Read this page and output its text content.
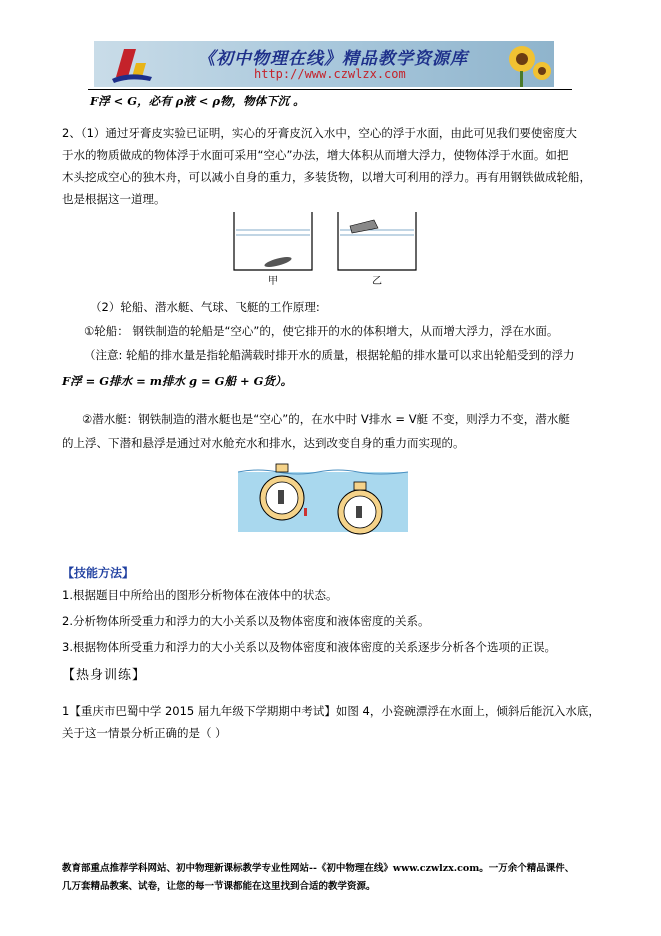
《初中物理在线》精品教学资源库
http://www.czwlzx.com
F浮 < G，必有 ρ液 < ρ物，物体下沉 。
2、（1）通过牙膏皮实验已证明，实心的牙膏皮沉入水中，空心的浮于水面，由此可见我们要使密度大
于水的物质做成的物体浮于水面可采用“空心”办法，增大体积从而增大浮力，使物体浮于水面。如把
木头挖成空心的独木舟，可以减小自身的重力，多装货物，以增大可利用的浮力。再有用钢铁做成轮船，
也是根据这一道理。
甲	乙
（2）轮船、潜水艇、气球、飞艇的工作原理:
①轮船： 钢铁制造的轮船是“空心”的，使它排开的水的体积增大，从而增大浮力，浮在水面。
（注意: 轮船的排水量是指轮船满载时排开水的质量，根据轮船的排水量可以求出轮船受到的浮力
F浮 = G排水 = m排水 g = G船 + G货）。
②潜水艇：钢铁制造的潜水艇也是“空心”的，在水中时 V排水 = V艇 不变，则浮力不变，潜水艇
的上浮、下潜和悬浮是通过对水舱充水和排水，达到改变自身的重力而实现的。
【技能方法】
1.根据题目中所给出的图形分析物体在液体中的状态。
2.分析物体所受重力和浮力的大小关系以及物体密度和液体密度的关系。
3.根据物体所受重力和浮力的大小关系以及物体密度和液体密度的关系逐步分析各个选项的正误。
【热身训练】
1【重庆市巴蜀中学 2015 届九年级下学期期中考试】如图 4，小瓷碗漂浮在水面上，倾斜后能沉入水底，
关于这一情景分析正确的是（ ）
教育部重点推荐学科网站、初中物理新课标教学专业性网站--《初中物理在线》www.czwlzx.com。一万余个精品课件、
几万套精品教案、试卷，让您的每一节课都能在这里找到合适的教学资源。
